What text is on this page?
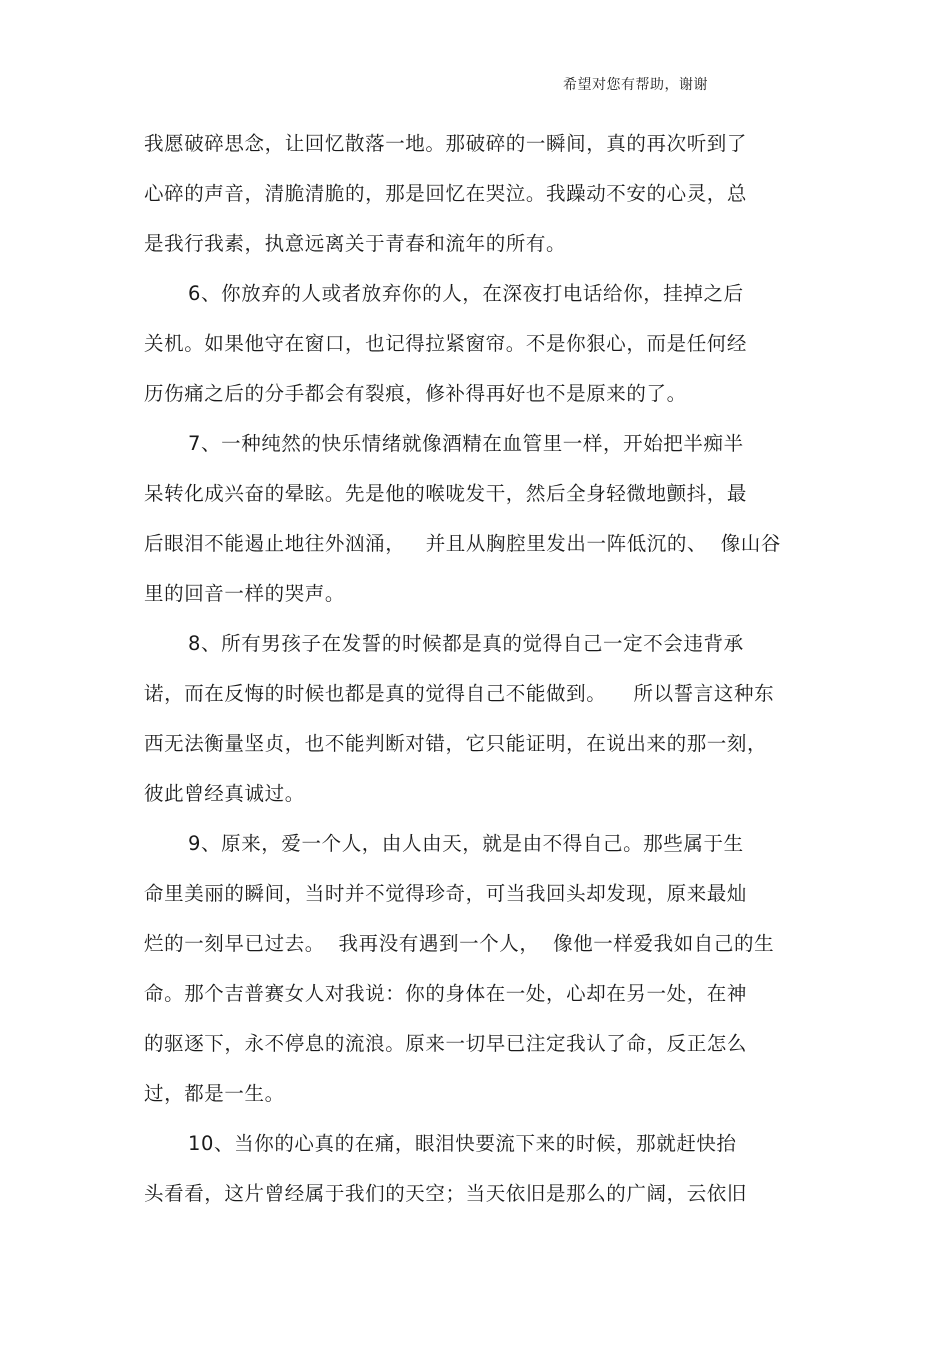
希望对您有帮助，谢谢
我愿破碎思念，让回忆散落一地。那破碎的一瞬间，真的再次听到了
心碎的声音，清脆清脆的，那是回忆在哭泣。我躁动不安的心灵，总
是我行我素，执意远离关于青春和流年的所有。
6、你放弃的人或者放弃你的人，在深夜打电话给你，挂掉之后
关机。如果他守在窗口，也记得拉紧窗帘。不是你狠心，而是任何经
历伤痛之后的分手都会有裂痕，修补得再好也不是原来的了。
7、一种纯然的快乐情绪就像酒精在血管里一样，开始把半痴半
呆转化成兴奋的晕眩。先是他的喉咙发干，然后全身轻微地颤抖，最
后眼泪不能遏止地往外汹涌，   并且从胸腔里发出一阵低沉的、  像山谷
里的回音一样的哭声。
8、所有男孩子在发誓的时候都是真的觉得自己一定不会违背承
诺，而在反悔的时候也都是真的觉得自己不能做到。    所以誓言这种东
西无法衡量坚贞，也不能判断对错，它只能证明，在说出来的那一刻，
彼此曾经真诚过。
9、原来，爱一个人，由人由天，就是由不得自己。那些属于生
命里美丽的瞬间，当时并不觉得珍奇，可当我回头却发现，原来最灿
烂的一刻早已过去。  我再没有遇到一个人，  像他一样爱我如自己的生
命。那个吉普赛女人对我说：你的身体在一处，心却在另一处，在神
的驱逐下，永不停息的流浪。原来一切早已注定我认了命，反正怎么
过，都是一生。
10、当你的心真的在痛，眼泪快要流下来的时候，那就赶快抬
头看看，这片曾经属于我们的天空；当天依旧是那么的广阔，云依旧
